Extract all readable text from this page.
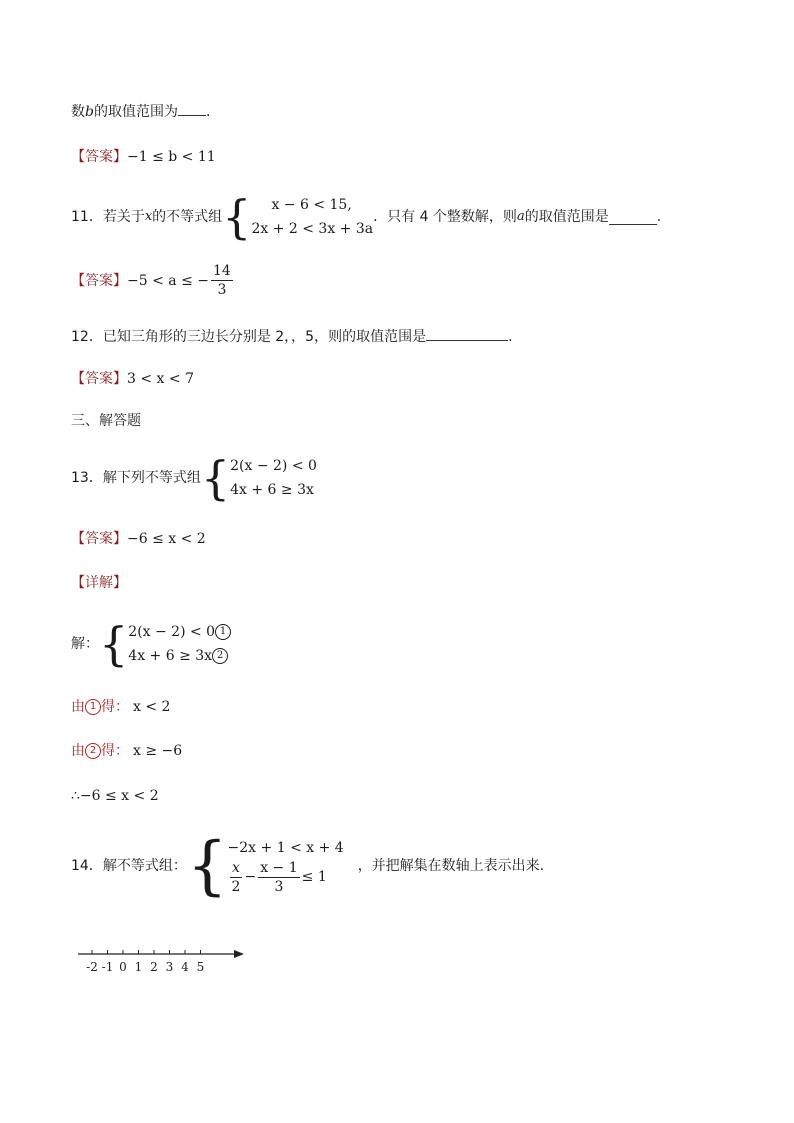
数b的取值范围为 .
【答案】−1 ≤ b < 11
11．若关于 x 的不等式组 {	x − 6 < 15,
2x + 2 < 3x + 3a
．只有 4 个整数解，则 a 的取值范围是	.
【答案】 −5 < a ≤ − $\frac{14}{3}$
12．已知三角形的三边长分别是 2，，5，则的取值范围是	.
【答案】3 < x < 7
三、解答题
13．解下列不等式组 { 2(x − 2) < 0
4x + 6 ≥ 3x
【答案】−6 ≤ x < 2
【详解】
解： { 2(x − 2) < 0 1
4x + 6 ≥ 3x 2
由 1 得： x < 2
由 2 得： x ≥ −6
∴−6 ≤ x < 2
14．解不等式组： { −2x + 1 < x + 4
$\frac{x}{2} - \frac{x - 1}{3} \le 1$
，并把解集在数轴上表示出来.
-2 -1 0 1 2 3 4 5
